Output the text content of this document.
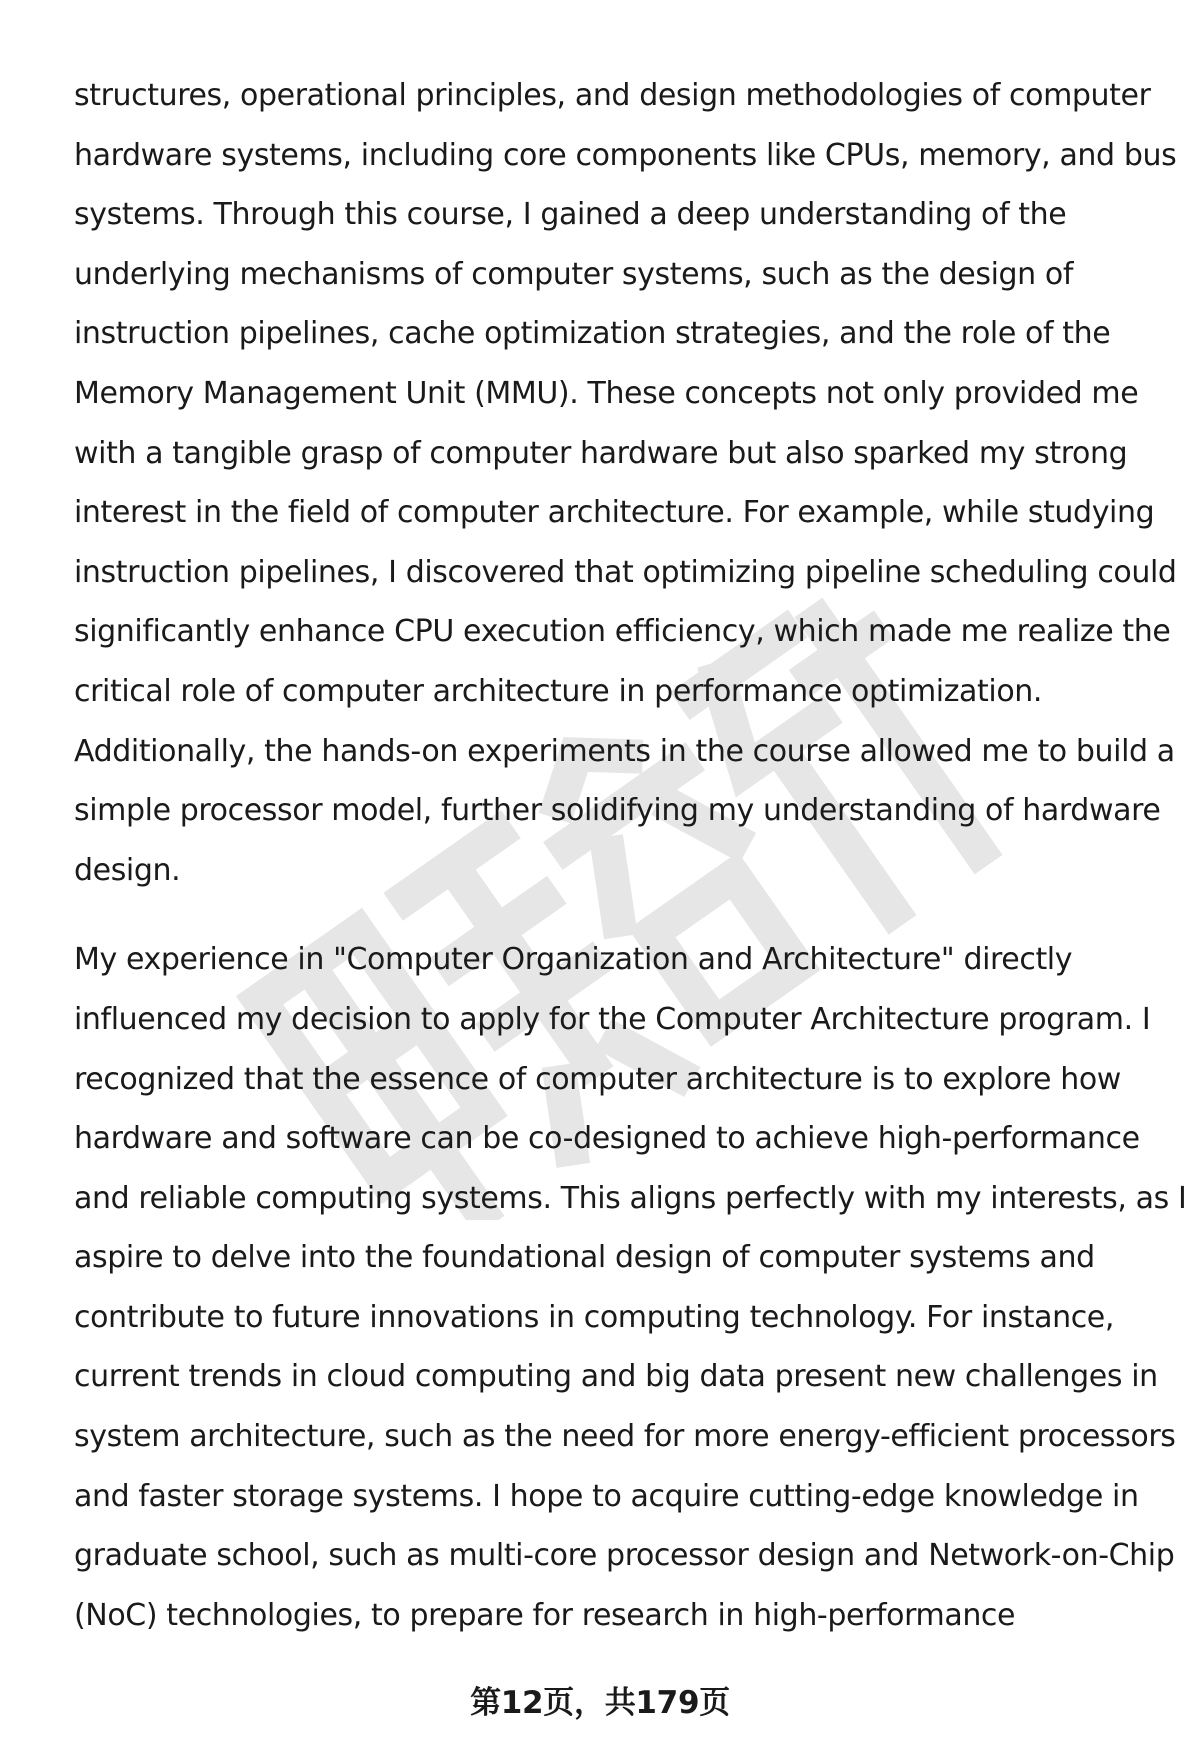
structures, operational principles, and design methodologies of computer
hardware systems, including core components like CPUs, memory, and bus
systems. Through this course, I gained a deep understanding of the
underlying mechanisms of computer systems, such as the design of
instruction pipelines, cache optimization strategies, and the role of the
Memory Management Unit (MMU). These concepts not only provided me
with a tangible grasp of computer hardware but also sparked my strong
interest in the field of computer architecture. For example, while studying
instruction pipelines, I discovered that optimizing pipeline scheduling could
significantly enhance CPU execution efficiency, which made me realize the
critical role of computer architecture in performance optimization.
Additionally, the hands-on experiments in the course allowed me to build a
simple processor model, further solidifying my understanding of hardware
design.

My experience in "Computer Organization and Architecture" directly
influenced my decision to apply for the Computer Architecture program. I
recognized that the essence of computer architecture is to explore how
hardware and software can be co-designed to achieve high-performance
and reliable computing systems. This aligns perfectly with my interests, as I
aspire to delve into the foundational design of computer systems and
contribute to future innovations in computing technology. For instance,
current trends in cloud computing and big data present new challenges in
system architecture, such as the need for more energy-efficient processors
and faster storage systems. I hope to acquire cutting-edge knowledge in
graduate school, such as multi-core processor design and Network-on-Chip
(NoC) technologies, to prepare for research in high-performance

第12页，共179页
